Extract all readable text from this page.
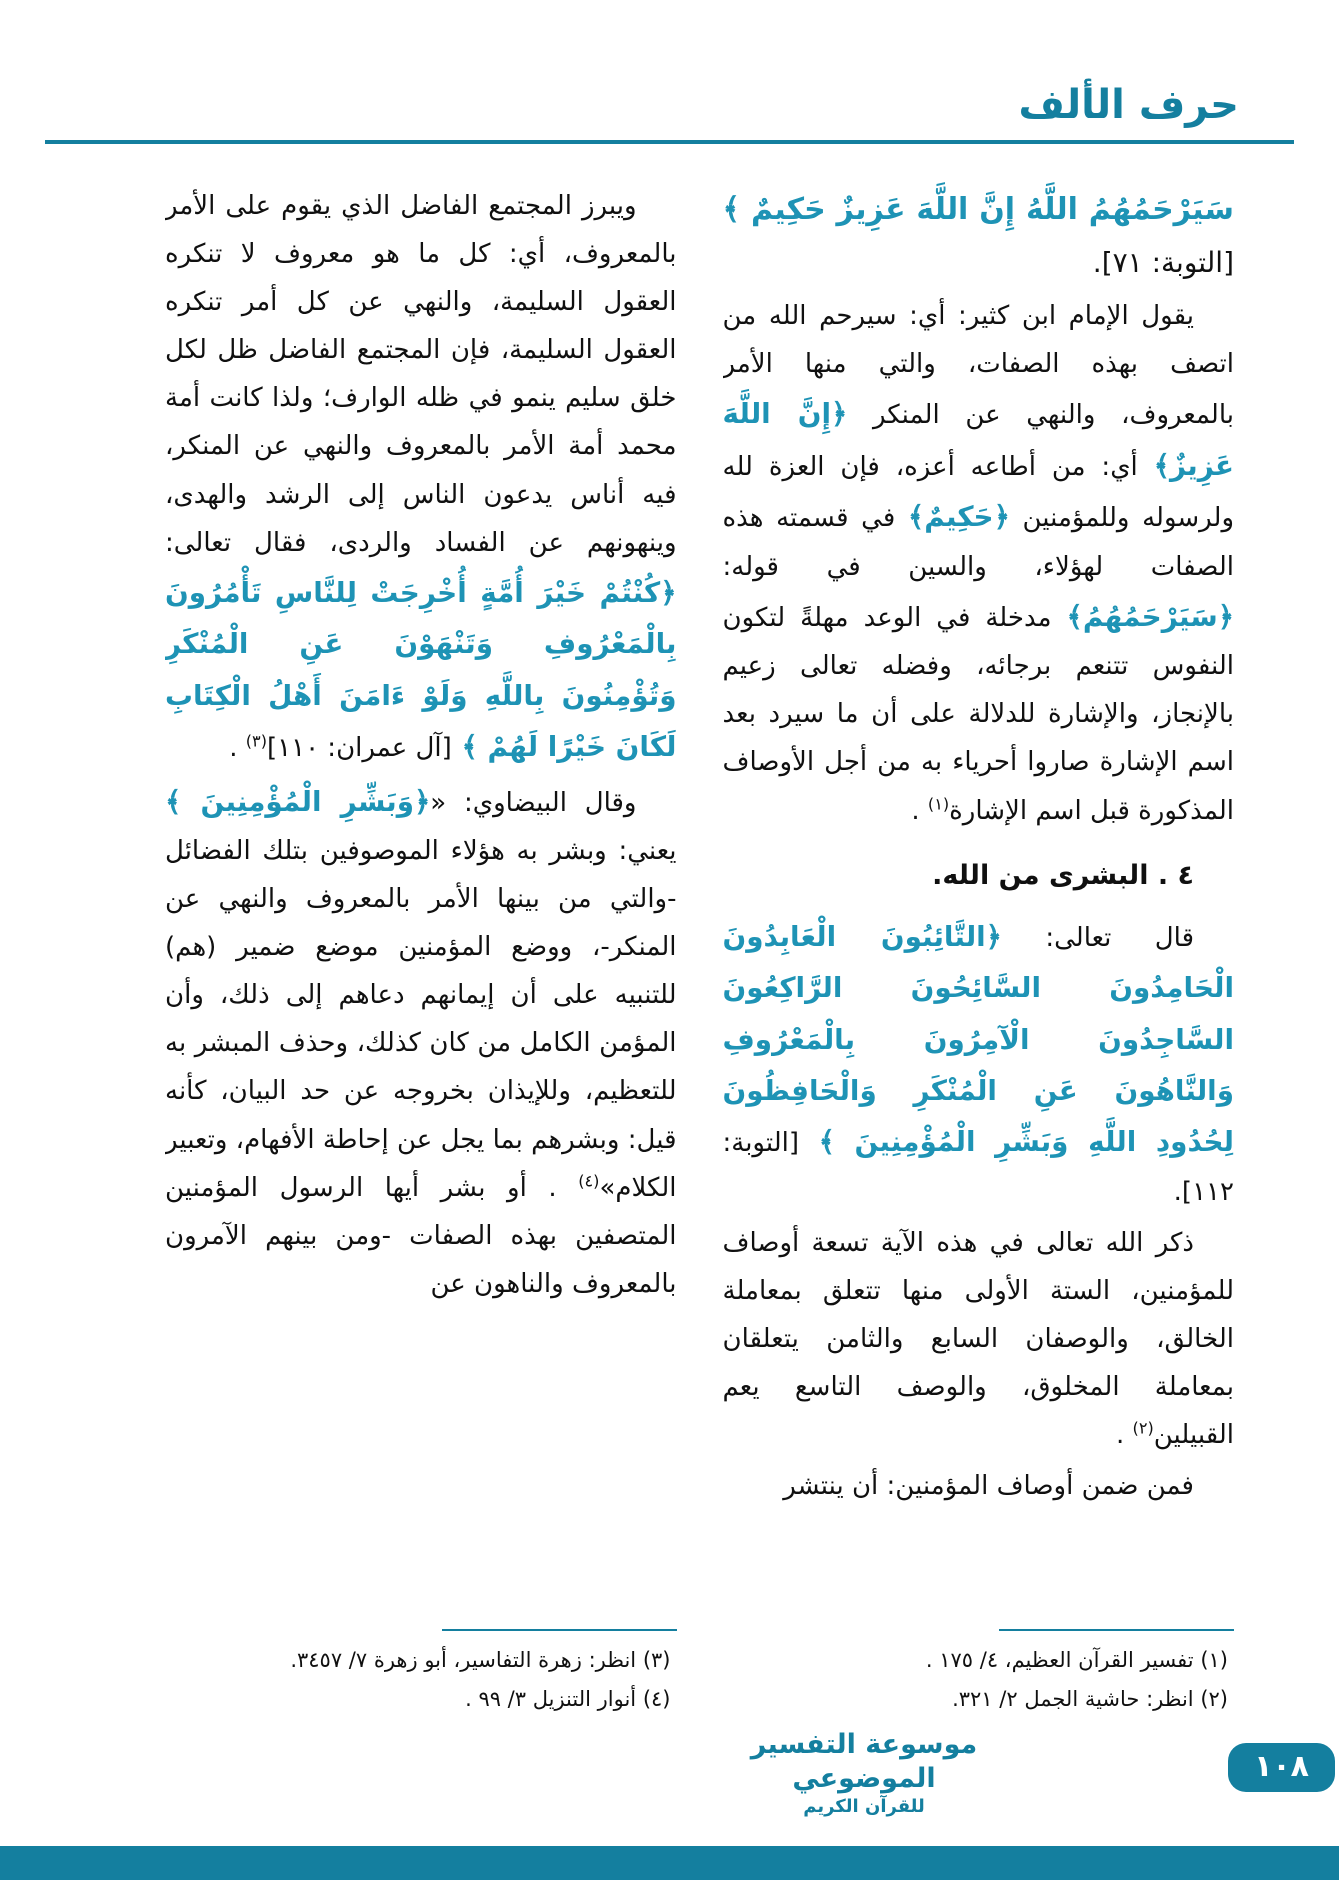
حرف الألف
سَيَرْحَمُهُمُ اللَّهُ إِنَّ اللَّهَ عَزِيزٌ حَكِيمٌ ﴾ [التوبة: ٧١].
يقول الإمام ابن كثير: أي: سيرحم الله من اتصف بهذه الصفات، والتي منها الأمر بالمعروف، والنهي عن المنكر ﴿إِنَّ اللَّهَ عَزِيزٌ﴾ أي: من أطاعه أعزه، فإن العزة لله ولرسوله وللمؤمنين ﴿حَكِيمٌ﴾ في قسمته هذه الصفات لهؤلاء، والسين في قوله: ﴿سَيَرْحَمُهُمُ﴾ مدخلة في الوعد مهلةً لتكون النفوس تتنعم برجائه، وفضله تعالى زعيم بالإنجاز، والإشارة للدلالة على أن ما سيرد بعد اسم الإشارة صاروا أحرياء به من أجل الأوصاف المذكورة قبل اسم الإشارة$^{(١)}$ .
٤ . البشرى من الله.
قال تعالى: ﴿التَّائِبُونَ الْعَابِدُونَ الْحَامِدُونَ السَّائِحُونَ الرَّاكِعُونَ السَّاجِدُونَ الْآمِرُونَ بِالْمَعْرُوفِ وَالنَّاهُونَ عَنِ الْمُنْكَرِ وَالْحَافِظُونَ لِحُدُودِ اللَّهِ وَبَشِّرِ الْمُؤْمِنِينَ ﴾ [التوبة: ١١٢].
ذكر الله تعالى في هذه الآية تسعة أوصاف للمؤمنين، الستة الأولى منها تتعلق بمعاملة الخالق، والوصفان السابع والثامن يتعلقان بمعاملة المخلوق، والوصف التاسع يعم القبيلين$^{(٢)}$ .
فمن ضمن أوصاف المؤمنين: أن ينتشر
(١) تفسير القرآن العظيم، ٤/ ١٧٥ .
(٢) انظر: حاشية الجمل ٢/ ٣٢١.
ويبرز المجتمع الفاضل الذي يقوم على الأمر بالمعروف، أي: كل ما هو معروف لا تنكره العقول السليمة، والنهي عن كل أمر تنكره العقول السليمة، فإن المجتمع الفاضل ظل لكل خلق سليم ينمو في ظله الوارف؛ ولذا كانت أمة محمد أمة الأمر بالمعروف والنهي عن المنكر، فيه أناس يدعون الناس إلى الرشد والهدى، وينهونهم عن الفساد والردى، فقال تعالى: ﴿كُنْتُمْ خَيْرَ أُمَّةٍ أُخْرِجَتْ لِلنَّاسِ تَأْمُرُونَ بِالْمَعْرُوفِ وَتَنْهَوْنَ عَنِ الْمُنْكَرِ وَتُؤْمِنُونَ بِاللَّهِ وَلَوْ ءَامَنَ أَهْلُ الْكِتَابِ لَكَانَ خَيْرًا لَهُمْ ﴾ [آل عمران: ١١٠]$^{(٣)}$ .
وقال البيضاوي: «﴿وَبَشِّرِ الْمُؤْمِنِينَ ﴾ يعني: وبشر به هؤلاء الموصوفين بتلك الفضائل -والتي من بينها الأمر بالمعروف والنهي عن المنكر-، ووضع المؤمنين موضع ضمير (هم) للتنبيه على أن إيمانهم دعاهم إلى ذلك، وأن المؤمن الكامل من كان كذلك، وحذف المبشر به للتعظيم، وللإيذان بخروجه عن حد البيان، كأنه قيل: وبشرهم بما يجل عن إحاطة الأفهام، وتعبير الكلام»$^{(٤)}$ . أو بشر أيها الرسول المؤمنين المتصفين بهذه الصفات -ومن بينهم الآمرون بالمعروف والناهون عن
(٣) انظر: زهرة التفاسير، أبو زهرة ٧/ ٣٤٥٧.
(٤) أنوار التنزيل ٣/ ٩٩ .
موسوعة التفسير الموضوعي
للقرآن الكريم
١٠٨
